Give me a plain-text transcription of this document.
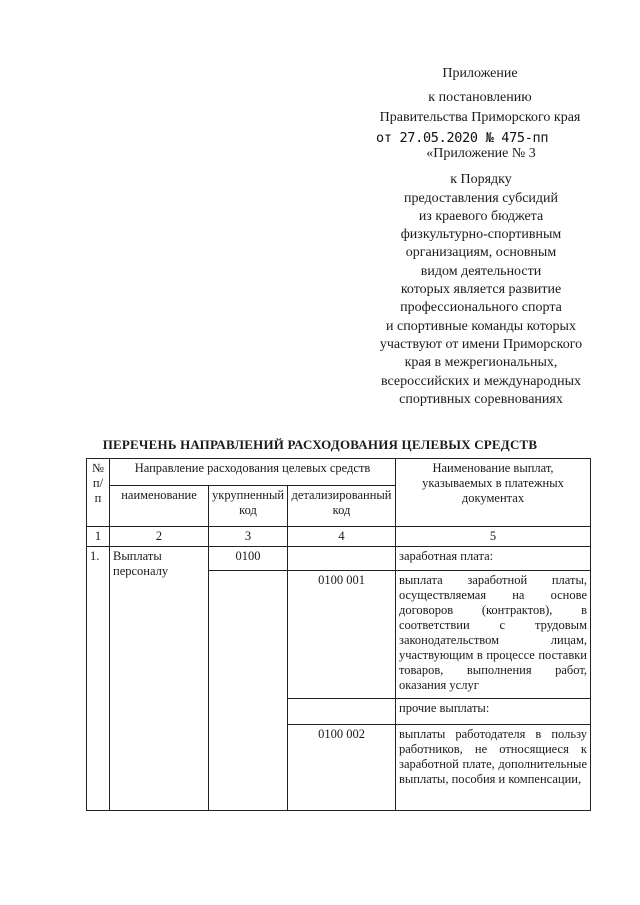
Приложение
к постановлению
Правительства Приморского края
от 27.05.2020 № 475-пп
«Приложение № 3
к Порядку
предоставления субсидий
из краевого бюджета
физкультурно-спортивным
организациям, основным
видом деятельности
которых является развитие
профессионального спорта
и спортивные команды которых
участвуют от имени Приморского
края в межрегиональных,
всероссийских и международных
спортивных соревнованиях
ПЕРЕЧЕНЬ НАПРАВЛЕНИЙ РАСХОДОВАНИЯ ЦЕЛЕВЫХ СРЕДСТВ
№ п/п	Направление расходования целевых средств			Наименование выплат, указываемых в платежных документах
	наименование	укрупненный код	детализированный код	
1	2	3	4	5
1.	Выплаты персоналу	0100		заработная плата:
			0100 001	выплата заработной платы, осуществляемая на основе договоров (контрактов), в соответствии с трудовым законодательством лицам, участвующим в процессе поставки товаров, выполнения работ, оказания услуг
				прочие выплаты:
			0100 002	выплаты работодателя в пользу работников, не относящиеся к заработной плате, дополнительные выплаты, пособия и компенсации,
